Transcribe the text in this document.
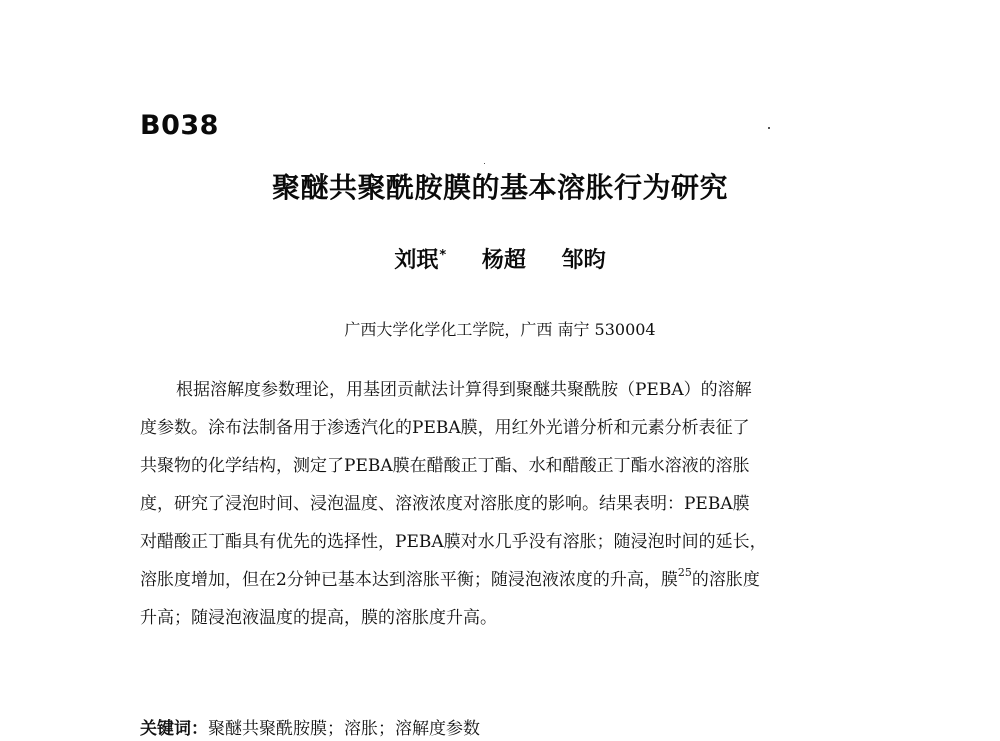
B038
聚醚共聚酰胺膜的基本溶胀行为研究
刘珉* 杨超 邹昀
广西大学化学化工学院，广西 南宁 530004
根据溶解度参数理论，用基团贡献法计算得到聚醚共聚酰胺（PEBA）的溶解
度参数。涂布法制备用于渗透汽化的PEBA膜，用红外光谱分析和元素分析表征了
共聚物的化学结构，测定了PEBA膜在醋酸正丁酯、水和醋酸正丁酯水溶液的溶胀
度，研究了浸泡时间、浸泡温度、溶液浓度对溶胀度的影响。结果表明：PEBA膜
对醋酸正丁酯具有优先的选择性，PEBA膜对水几乎没有溶胀；随浸泡时间的延长，
溶胀度增加，但在2分钟已基本达到溶胀平衡；随浸泡液浓度的升高，膜$^{25}$的溶胀度
升高；随浸泡液温度的提高，膜的溶胀度升高。
关键词：聚醚共聚酰胺膜；溶胀；溶解度参数
